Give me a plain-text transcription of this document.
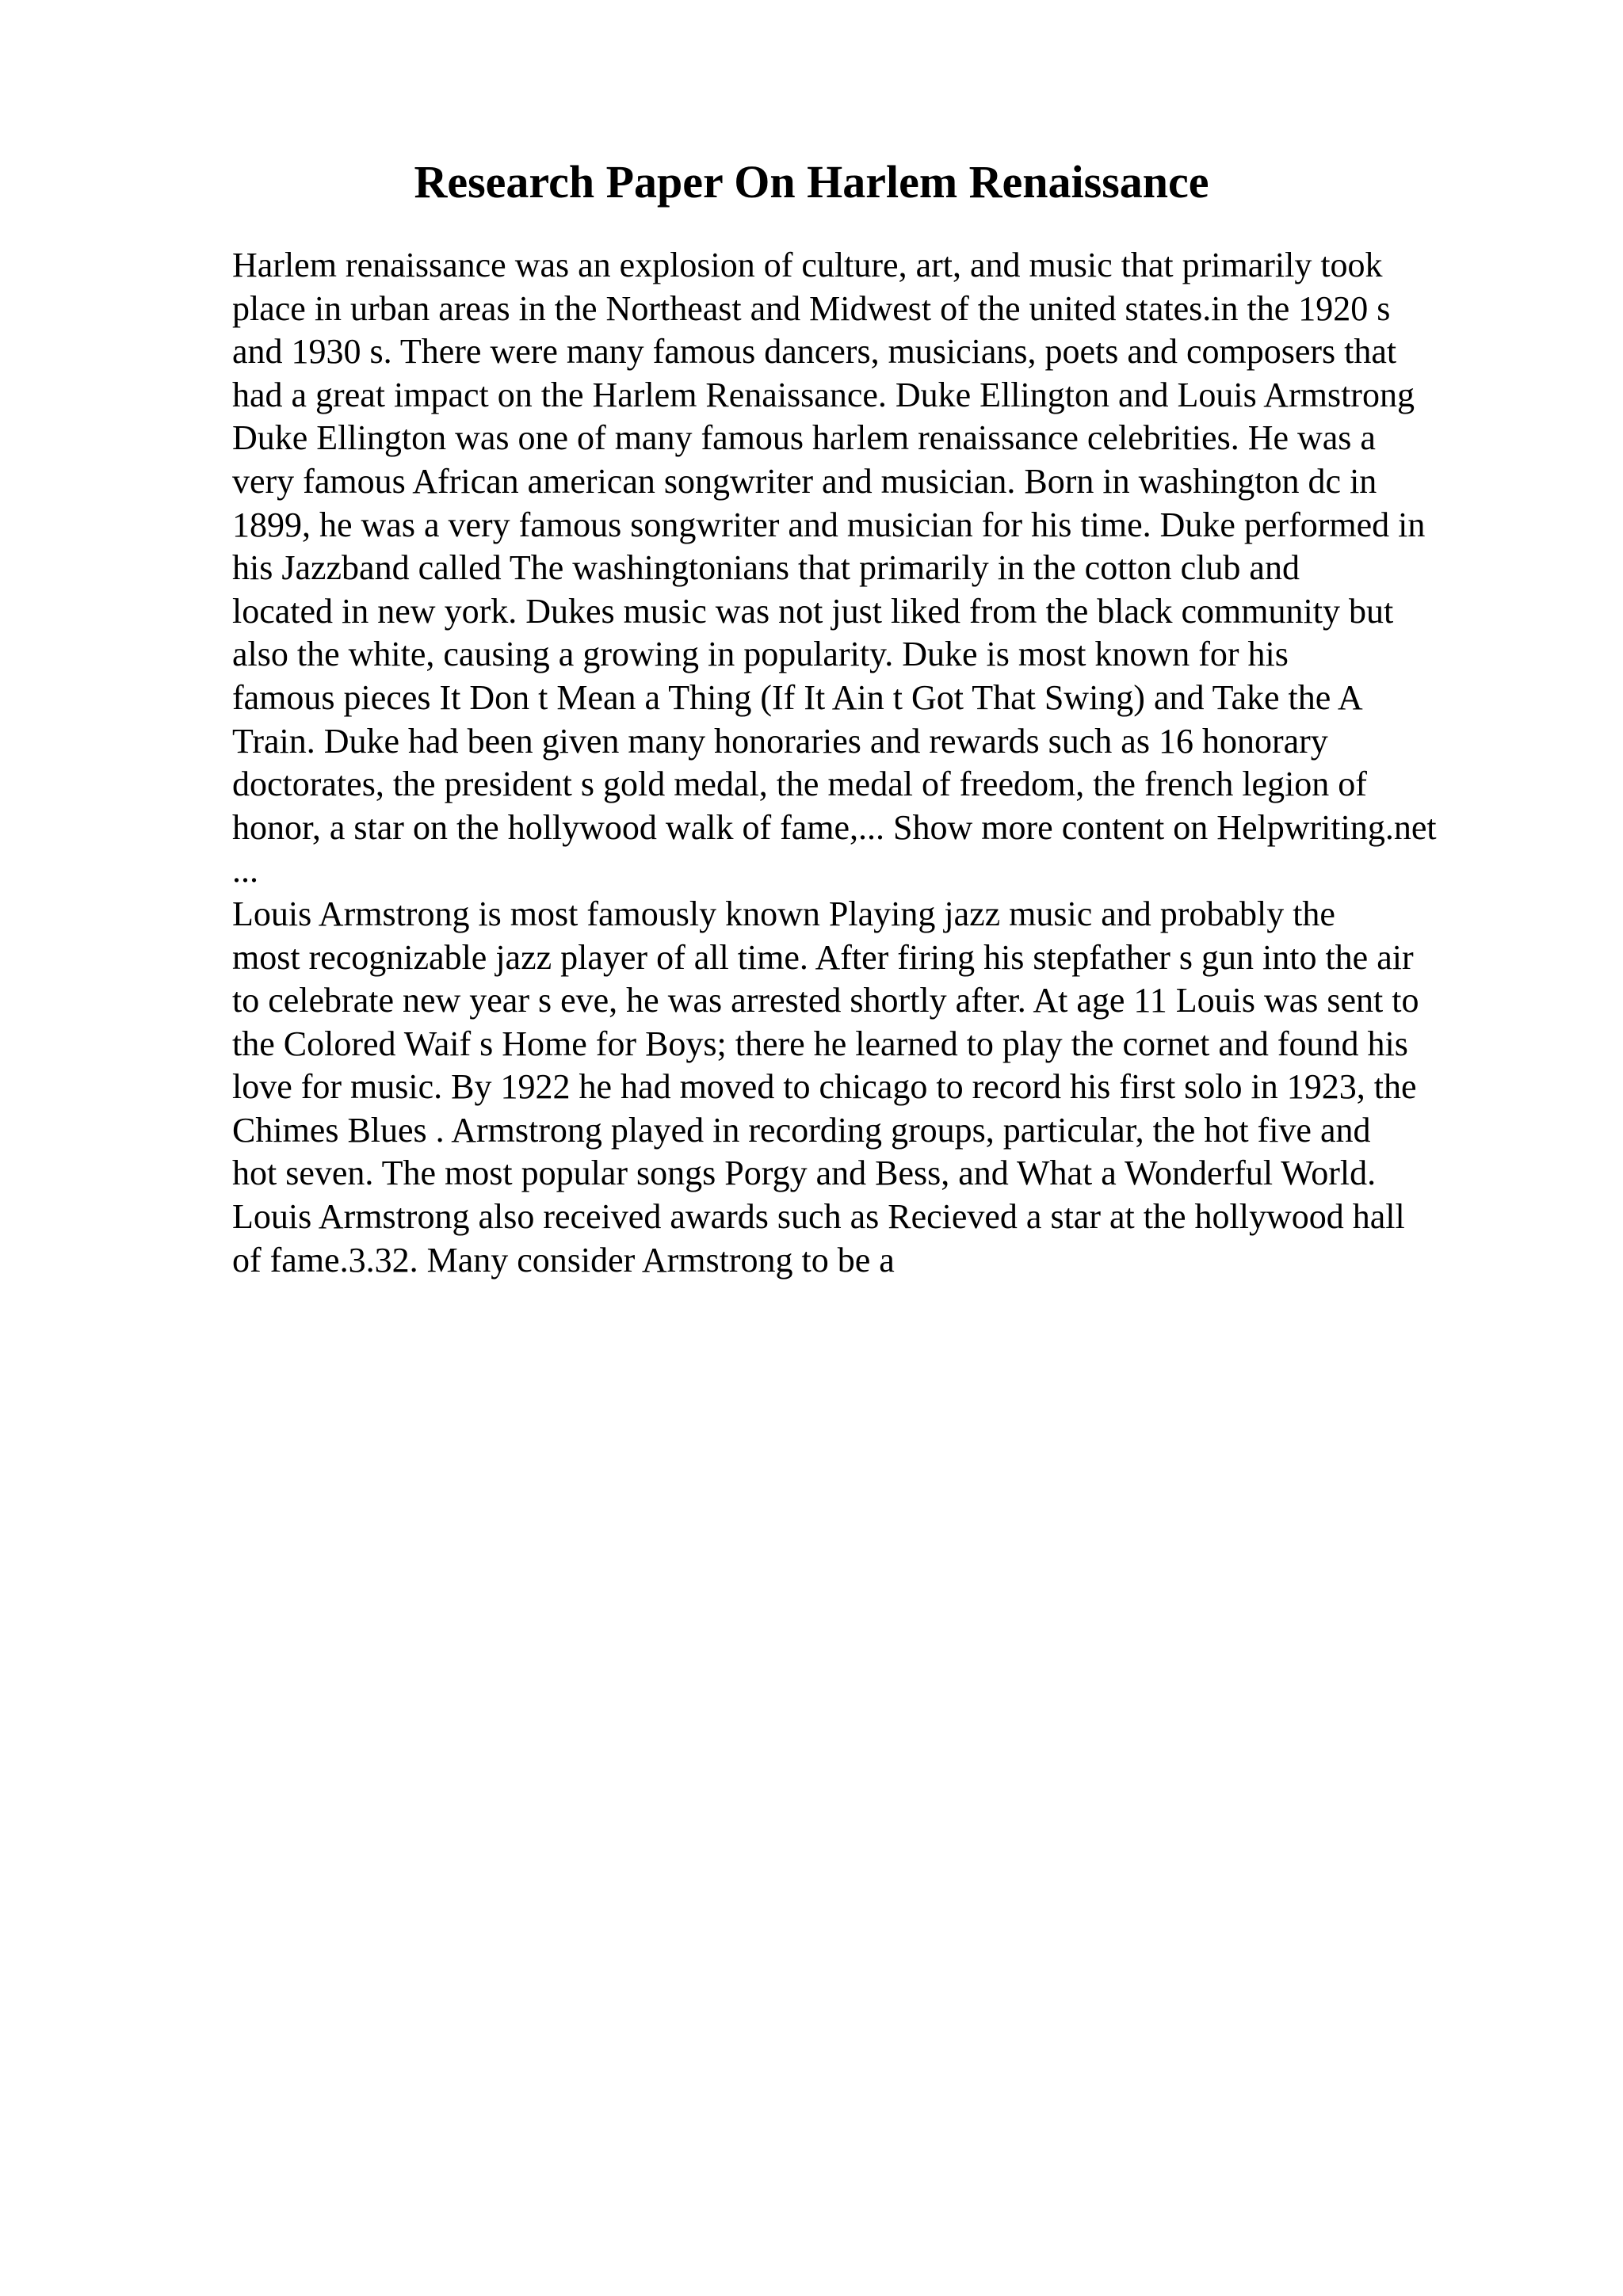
Research Paper On Harlem Renaissance
Harlem renaissance was an explosion of culture, art, and music that primarily took
place in urban areas in the Northeast and Midwest of the united states.in the 1920 s
and 1930 s. There were many famous dancers, musicians, poets and composers that
had a great impact on the Harlem Renaissance. Duke Ellington and Louis Armstrong
Duke Ellington was one of many famous harlem renaissance celebrities. He was a
very famous African american songwriter and musician. Born in washington dc in
1899, he was a very famous songwriter and musician for his time. Duke performed in
his Jazzband called The washingtonians that primarily in the cotton club and
located in new york. Dukes music was not just liked from the black community but
also the white, causing a growing in popularity. Duke is most known for his
famous pieces It Don t Mean a Thing (If It Ain t Got That Swing) and Take the A
Train. Duke had been given many honoraries and rewards such as 16 honorary
doctorates, the president s gold medal, the medal of freedom, the french legion of
honor, a star on the hollywood walk of fame,... Show more content on Helpwriting.net
...
Louis Armstrong is most famously known Playing jazz music and probably the
most recognizable jazz player of all time. After firing his stepfather s gun into the air
to celebrate new year s eve, he was arrested shortly after. At age 11 Louis was sent to
the Colored Waif s Home for Boys; there he learned to play the cornet and found his
love for music. By 1922 he had moved to chicago to record his first solo in 1923, the
Chimes Blues . Armstrong played in recording groups, particular, the hot five and
hot seven. The most popular songs Porgy and Bess, and What a Wonderful World.
Louis Armstrong also received awards such as Recieved a star at the hollywood hall
of fame.3.32. Many consider Armstrong to be a
